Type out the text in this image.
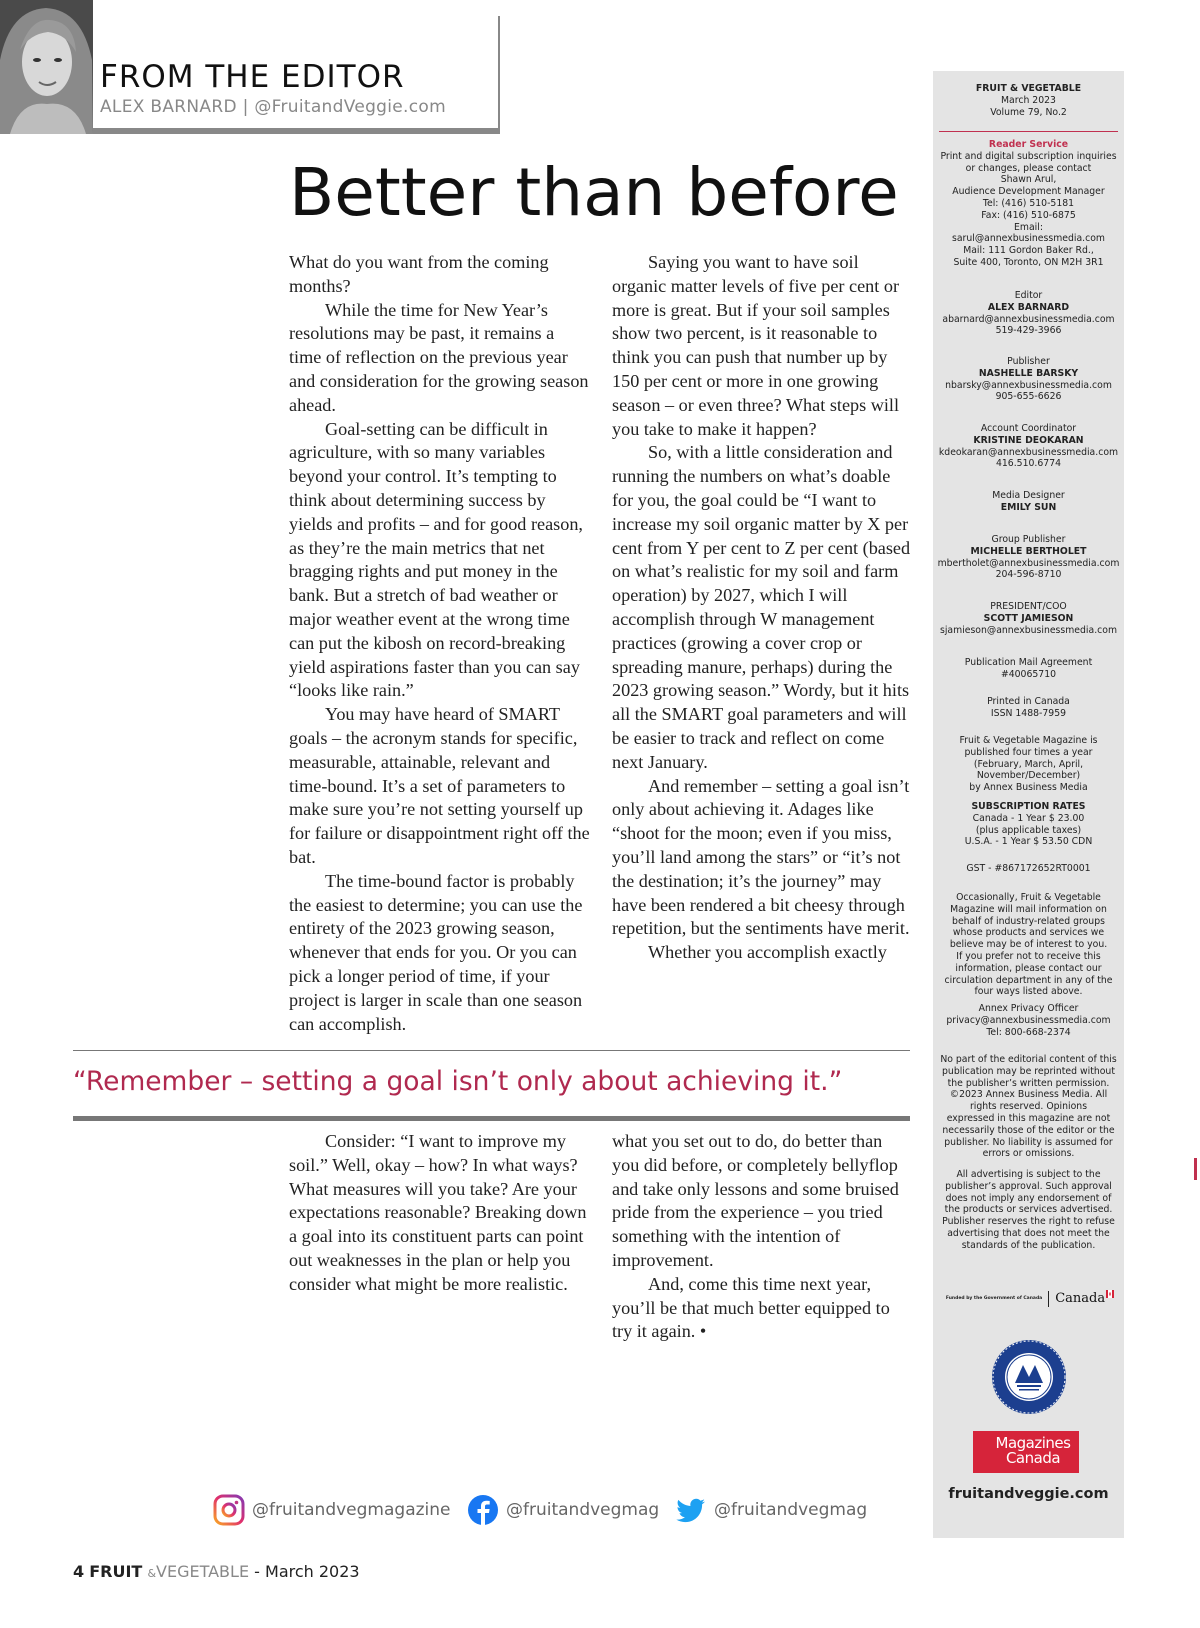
FROM THE EDITOR
ALEX BARNARD | @FruitandVeggie.com
Better than before

What do you want from the coming months?

While the time for New Year’s resolutions may be past, it remains a time of reflection on the previous year and consideration for the growing season ahead.

Goal-setting can be difficult in agriculture, with so many variables beyond your control. It’s tempting to think about determining success by yields and profits – and for good reason, as they’re the main metrics that net bragging rights and put money in the bank. But a stretch of bad weather or major weather event at the wrong time can put the kibosh on record-breaking yield aspirations faster than you can say “looks like rain.”

You may have heard of SMART goals – the acronym stands for specific, measurable, attainable, relevant and time-bound. It’s a set of parameters to make sure you’re not setting yourself up for failure or disappointment right off the bat.

The time-bound factor is probably the easiest to determine; you can use the entirety of the 2023 growing season, whenever that ends for you. Or you can pick a longer period of time, if your project is larger in scale than one season can accomplish.

Saying you want to have soil organic matter levels of five per cent or more is great. But if your soil samples show two percent, is it reasonable to think you can push that number up by 150 per cent or more in one growing season – or even three? What steps will you take to make it happen?

So, with a little consideration and running the numbers on what’s doable for you, the goal could be “I want to increase my soil organic matter by X per cent from Y per cent to Z per cent (based on what’s realistic for my soil and farm operation) by 2027, which I will accomplish through W management practices (growing a cover crop or spreading manure, perhaps) during the 2023 growing season.” Wordy, but it hits all the SMART goal parameters and will be easier to track and reflect on come next January.

And remember – setting a goal isn’t only about achieving it. Adages like “shoot for the moon; even if you miss, you’ll land among the stars” or “it’s not the destination; it’s the journey” may have been rendered a bit cheesy through repetition, but the sentiments have merit.

Whether you accomplish exactly

“Remember – setting a goal isn’t only about achieving it.”

Consider: “I want to improve my soil.” Well, okay – how? In what ways? What measures will you take? Are your expectations reasonable? Breaking down a goal into its constituent parts can point out weaknesses in the plan or help you consider what might be more realistic.

what you set out to do, do better than you did before, or completely bellyflop and take only lessons and some bruised pride from the experience – you tried something with the intention of improvement.

And, come this time next year, you’ll be that much better equipped to try it again. •

@fruitandvegmagazine	@fruitandvegmag	@fruitandvegmag
4 FRUIT &VEGETABLE - March 2023
FRUIT & VEGETABLE
March 2023
Volume 79, No.2
Reader Service
Print and digital subscription inquiries
or changes, please contact
Shawn Arul,
Audience Development Manager
Tel: (416) 510-5181
Fax: (416) 510-6875
Email:
sarul@annexbusinessmedia.com
Mail: 111 Gordon Baker Rd.,
Suite 400, Toronto, ON M2H 3R1
Editor
ALEX BARNARD
abarnard@annexbusinessmedia.com
519-429-3966
Publisher
NASHELLE BARSKY
nbarsky@annexbusinessmedia.com
905-655-6626
Account Coordinator
KRISTINE DEOKARAN
kdeokaran@annexbusinessmedia.com
416.510.6774
Media Designer
EMILY SUN
Group Publisher
MICHELLE BERTHOLET
mbertholet@annexbusinessmedia.com
204-596-8710
PRESIDENT/COO
SCOTT JAMIESON
sjamieson@annexbusinessmedia.com
Publication Mail Agreement
#40065710
Printed in Canada
ISSN 1488-7959
Fruit & Vegetable Magazine is
published four times a year
(February, March, April,
November/December)
by Annex Business Media
SUBSCRIPTION RATES
Canada - 1 Year $ 23.00
(plus applicable taxes)
U.S.A. - 1 Year $ 53.50 CDN
GST - #867172652RT0001
Occasionally, Fruit & Vegetable
Magazine will mail information on
behalf of industry-related groups
whose products and services we
believe may be of interest to you.
If you prefer not to receive this
information, please contact our
circulation department in any of the
four ways listed above.
Annex Privacy Officer
privacy@annexbusinessmedia.com
Tel: 800-668-2374
No part of the editorial content of this
publication may be reprinted without
the publisher’s written permission.
©2023 Annex Business Media. All
rights reserved. Opinions
expressed in this magazine are not
necessarily those of the editor or the
publisher. No liability is assumed for
errors or omissions.
All advertising is subject to the
publisher’s approval. Such approval
does not imply any endorsement of
the products or services advertised.
Publisher reserves the right to refuse
advertising that does not meet the
standards of the publication.
Funded by the Government of Canada Canada
Magazines
Canada
fruitandveggie.com
